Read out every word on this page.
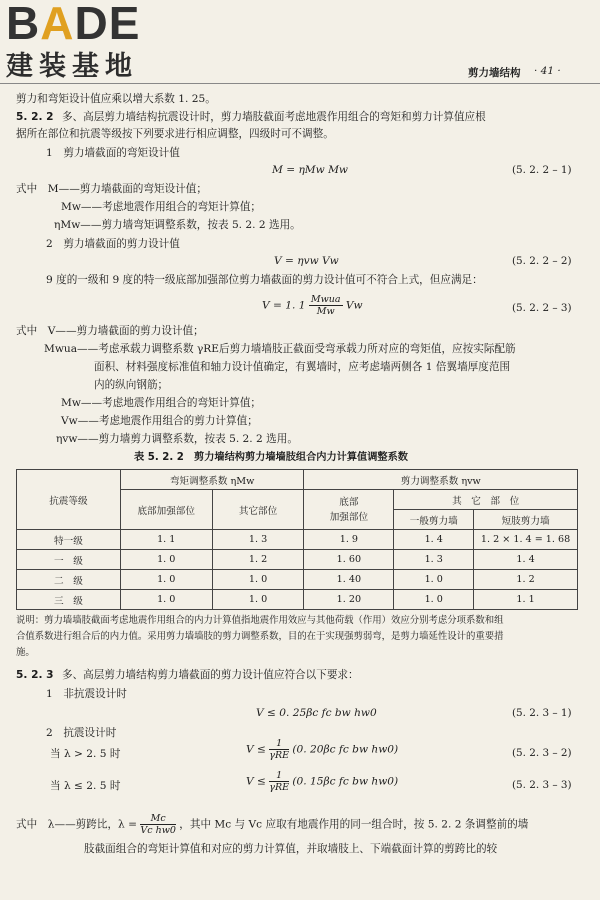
BADE
建装基地	剪力墙结构 · 41 ·
剪力和弯矩设计值应乘以增大系数 1. 25。
5. 2. 2 多、高层剪力墙结构抗震设计时，剪力墙肢截面考虑地震作用组合的弯矩和剪力计算值应根
据所在部位和抗震等级按下列要求进行相应调整，四级时可不调整。
1　剪力墙截面的弯矩设计值
M = ηMw Mw	(5. 2. 2 – 1)
式中　M——剪力墙截面的弯矩设计值；
Mw——考虑地震作用组合的弯矩计算值；
ηMw——剪力墙弯矩调整系数，按表 5. 2. 2 选用。
2　剪力墙截面的剪力设计值
V = ηvw Vw	(5. 2. 2 – 2)
9 度的一级和 9 度的特一级底部加强部位剪力墙截面的剪力设计值可不符合上式，但应满足：
V = 1. $1 \frac{\text{Mwua}}{Mw}$ Vw	(5. 2. 2 – 3)
式中　V——剪力墙截面的剪力设计值；
Mwua——考虑承载力调整系数 γRE后剪力墙墙肢正截面受弯承载力所对应的弯矩值，应按实际配筋
面积、材料强度标准值和轴力设计值确定，有翼墙时，应考虑墙两侧各 1 倍翼墙厚度范围
内的纵向钢筋；
Mw——考虑地震作用组合的弯矩计算值；
Vw——考虑地震作用组合的剪力计算值；
ηvw——剪力墙剪力调整系数，按表 5. 2. 2 选用。
表 5. 2. 2　剪力墙结构剪力墙墙肢组合内力计算值调整系数
抗震等级	弯矩调整系数 ηMw		剪力调整系数 ηvw		
	底部加强部位	其它部位	底部
加强部位	其　它　部　位	
				一般剪力墙	短肢剪力墙
特一级	1. 1	1. 3	1. 9	1. 4	1. 2 × 1. 4 = 1. 68
一　级	1. 0	1. 2	1. 60	1. 3	1. 4
二　级	1. 0	1. 0	1. 40	1. 0	1. 2
三　级	1. 0	1. 0	1. 20	1. 0	1. 1
说明：剪力墙墙肢截面考虑地震作用组合的内力计算值指地震作用效应与其他荷载（作用）效应分别考虑分项系数和组
合值系数进行组合后的内力值。采用剪力墙墙肢的剪力调整系数，目的在于实现强剪弱弯，是剪力墙延性设计的重要措
施。
5. 2. 3 多、高层剪力墙结构剪力墙截面的剪力设计值应符合以下要求：
1　非抗震设计时
V ≤ 0. 25βc fc bw hw0	(5. 2. 3 – 1)
2　抗震设计时
当 λ > 2. 5 时	$V \le \frac{1}{\text{γRE}} (0$. 20βc fc bw hw0)	(5. 2. 3 – 2)
当 λ ≤ 2. 5 时	$V \le \frac{1}{\text{γRE}} (0$. 15βc fc bw hw0)	(5. 2. 3 – 3)
式中　λ——剪跨比，$\lambda = \frac{Mc}{\text{Vc hw0}}$ ，其中 Mc 与 Vc 应取有地震作用的同一组合时，按 5. 2. 2 条调整前的墙
肢截面组合的弯矩计算值和对应的剪力计算值，并取墙肢上、下端截面计算的剪跨比的较
